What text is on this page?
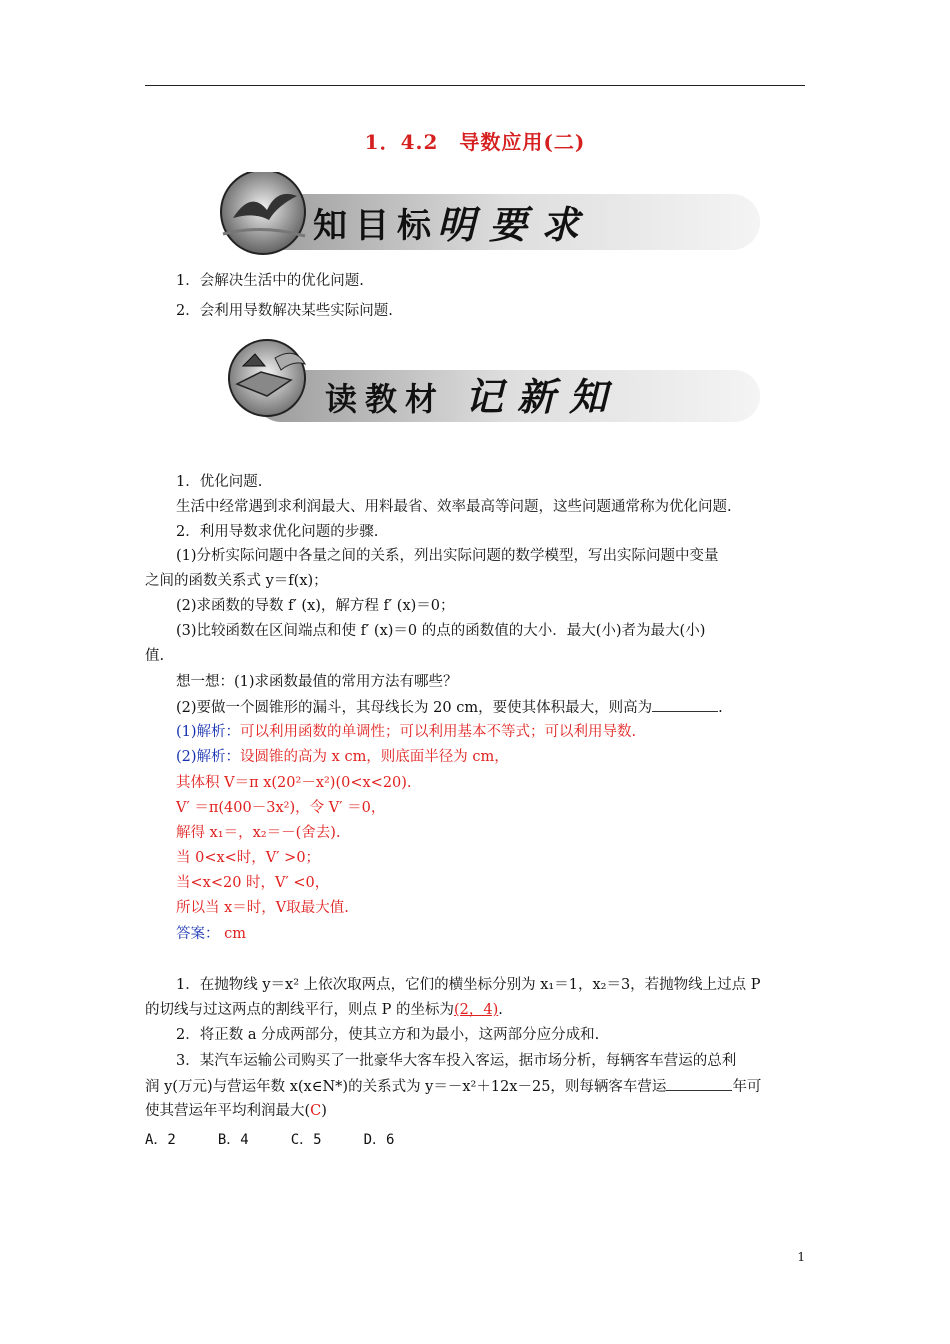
1．4.2　导数应用(二)
知目标
明要求
1．会解决生活中的优化问题.
2．会利用导数解决某些实际问题.
读教材 记新知
1．优化问题.
生活中经常遇到求利润最大、用料最省、效率最高等问题，这些问题通常称为优化问题.
2．利用导数求优化问题的步骤.
(1)分析实际问题中各量之间的关系，列出实际问题的数学模型，写出实际问题中变量
之间的函数关系式 y＝f(x)；
(2)求函数的导数 f′ (x)，解方程 f′ (x)＝0；
(3)比较函数在区间端点和使 f′ (x)＝0 的点的函数值的大小．最大(小)者为最大(小)
值.
想一想：(1)求函数最值的常用方法有哪些？
(2)要做一个圆锥形的漏斗，其母线长为 20 cm，要使其体积最大，则高为	.
(1)解析：可以利用函数的单调性；可以利用基本不等式；可以利用导数.
(2)解析：设圆锥的高为 x cm，则底面半径为 cm，
其体积 V＝π x(20²－x²)(0<x<20).
V′ ＝π(400－3x²)，令 V′ ＝0，
解得 x₁＝，x₂＝－(舍去).
当 0<x<时，V′ >0；
当<x<20 时，V′ <0，
所以当 x＝时，V取最大值.
答案： cm
1．在抛物线 y＝x² 上依次取两点，它们的横坐标分别为 x₁＝1，x₂＝3，若抛物线上过点 P
的切线与过这两点的割线平行，则点 P 的坐标为(2，4).
2．将正数 a 分成两部分，使其立方和为最小，这两部分应分成和.
3．某汽车运输公司购买了一批豪华大客车投入客运，据市场分析，每辆客车营运的总利
润 y(万元)与营运年数 x(x∈N*)的关系式为 y＝－x²＋12x－25，则每辆客车营运	年可
使其营运年平均利润最大(C)
A．2　　　B．4　　　C．5　　　D．6
1
